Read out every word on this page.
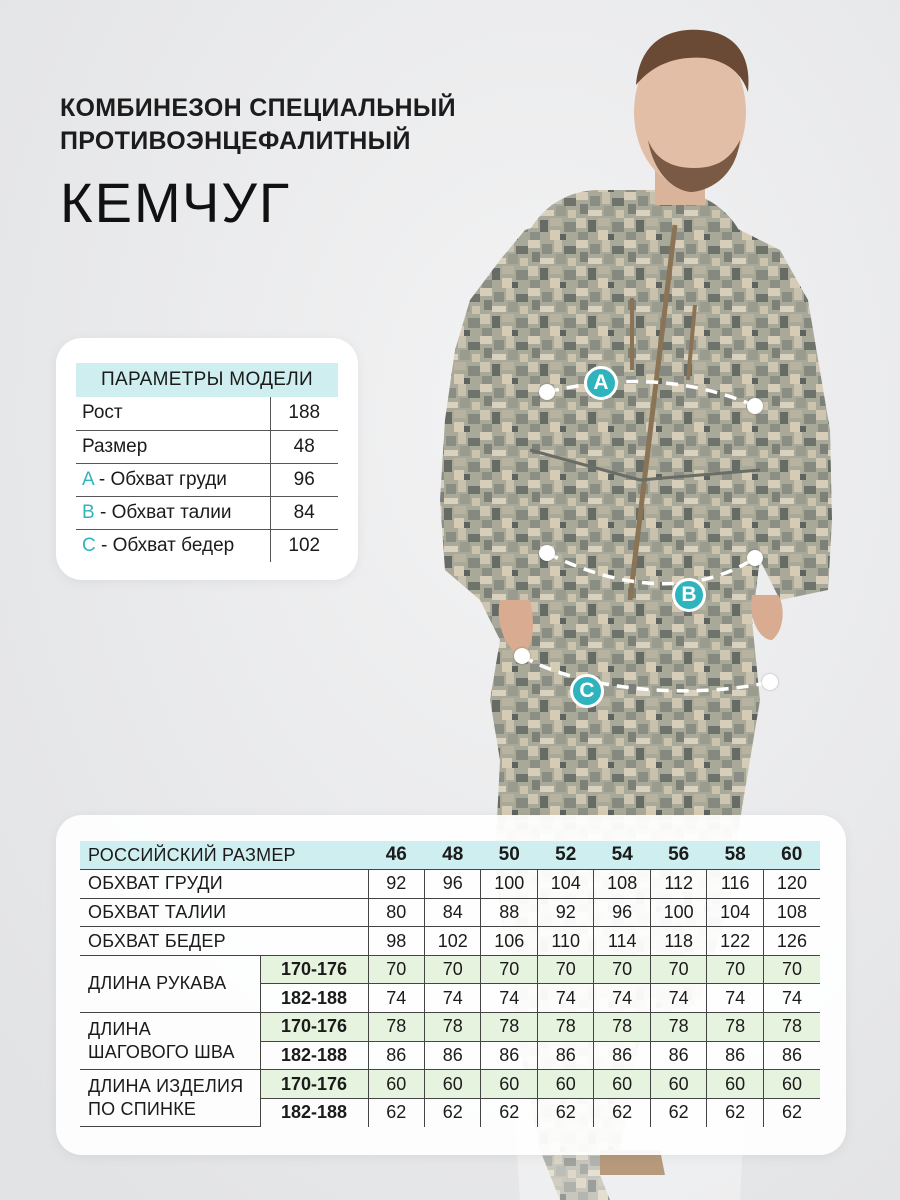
A
B
C
КОМБИНЕЗОН СПЕЦИАЛЬНЫЙ
ПРОТИВОЭНЦЕФАЛИТНЫЙ
КЕМЧУГ
ПАРАМЕТРЫ МОДЕЛИ	
Рост	188
Размер	48
A - Обхват груди	96
B - Обхват талии	84
C - Обхват бедер	102
РОССИЙСКИЙ РАЗМЕР		46	48	50	52	54	56	58	60
ОБХВАТ ГРУДИ		92	96	100	104	108	112	116	120
ОБХВАТ ТАЛИИ		80	84	88	92	96	100	104	108
ОБХВАТ БЕДЕР		98	102	106	110	114	118	122	126
ДЛИНА РУКАВА	170-176	70	70	70	70	70	70	70	70
	182-188	74	74	74	74	74	74	74	74

ДЛИНА
ШАГОВОГО ШВА	170-176	78	78	78	78	78	78	78	78
	182-188	86	86	86	86	86	86	86	86

ДЛИНА ИЗДЕЛИЯ
ПО СПИНКЕ	170-176	60	60	60	60	60	60	60	60
	182-188	62	62	62	62	62	62	62	62
